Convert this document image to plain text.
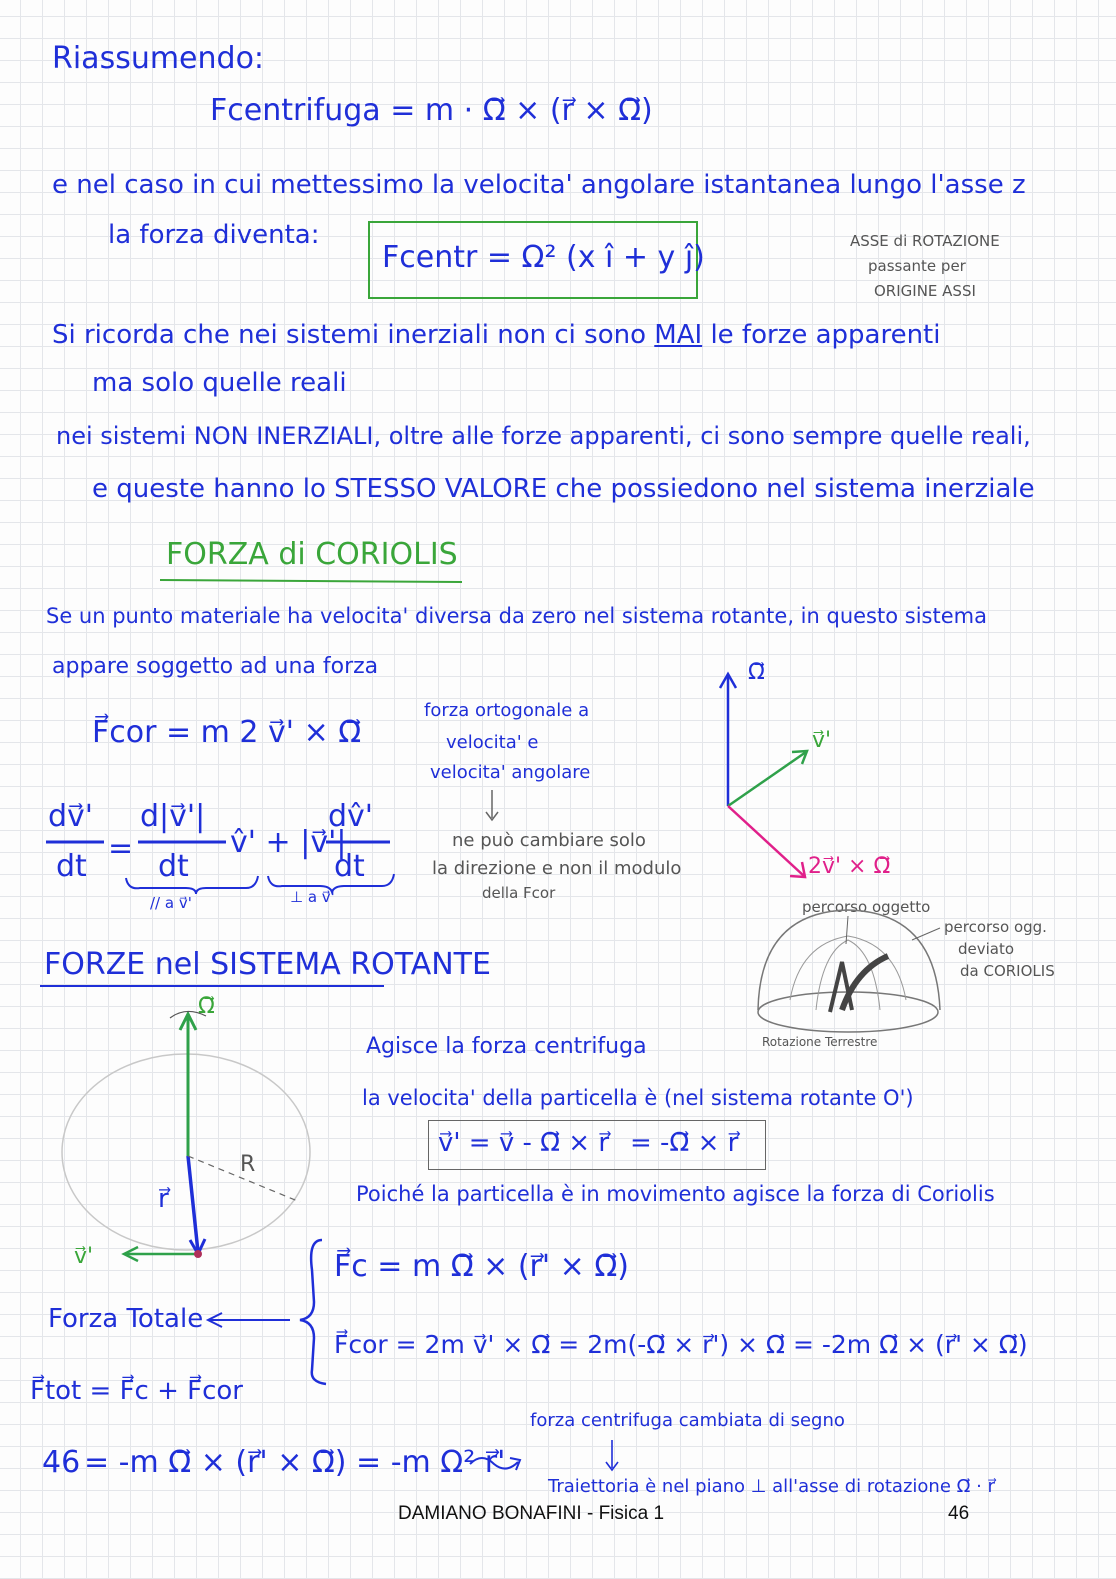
Riassumendo:
Fcentrifuga = m · Ω⃗ × (r⃗ × Ω⃗)
e nel caso in cui mettessimo la velocita' angolare istantanea lungo l'asse z
la forza diventa:
Fcentr = Ω² (x î + y ĵ)	ASSE di ROTAZIONE
passante per
ORIGINE ASSI
Si ricorda che nei sistemi inerziali non ci sono MAI le forze apparenti
ma solo quelle reali
nei sistemi NON INERZIALI, oltre alle forze apparenti, ci sono sempre quelle reali,
e queste hanno lo STESSO VALORE che possiedono nel sistema inerziale
FORZA di CORIOLIS
Se un punto materiale ha velocita' diversa da zero nel sistema rotante, in questo sistema
appare soggetto ad una forza
F⃗cor = m 2 v⃗' × Ω⃗
forza ortogonale a
velocita' e
velocita' angolare
dv⃗'
dt
=
d|v⃗'|
dt
v̂' + |v⃗'|
dv̂'
dt
// a v⃗'	⊥ a v⃗'
ne può cambiare solo
la direzione e non il modulo
della Fcor
Ω⃗
v⃗'
2v⃗' × Ω⃗
percorso oggetto
percorso ogg.
deviato
da CORIOLIS
Rotazione Terrestre
FORZE nel SISTEMA ROTANTE
Ω⃗
R
r⃗
v⃗'
Agisce la forza centrifuga
la velocita' della particella è (nel sistema rotante O')
v⃗' = v⃗ - Ω⃗ × r⃗ = -Ω⃗ × r⃗
Poiché la particella è in movimento agisce la forza di Coriolis
F⃗c = m Ω⃗ × (r⃗' × Ω⃗)
F⃗cor = 2m v⃗' × Ω⃗ = 2m(-Ω⃗ × r⃗') × Ω⃗ = -2m Ω⃗ × (r⃗' × Ω⃗)
Forza Totale
F⃗tot = F⃗c + F⃗cor
46 = -m Ω⃗ × (r⃗' × Ω⃗) = -m Ω² r⃗'
forza centrifuga cambiata di segno
Traiettoria è nel piano ⊥ all'asse di rotazione Ω⃗ · r⃗
DAMIANO BONAFINI - Fisica 1	46
